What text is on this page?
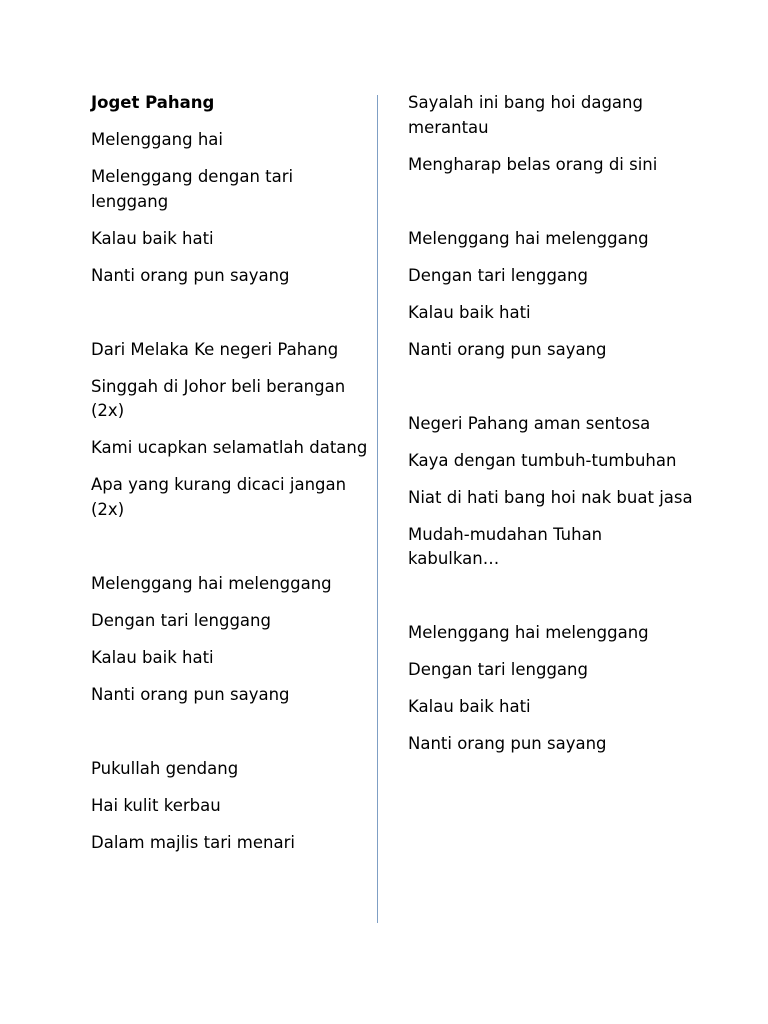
Joget Pahang
Melenggang hai
Melenggang dengan tari lenggang
Kalau baik hati
Nanti orang pun sayang
Dari Melaka Ke negeri Pahang
Singgah di Johor beli berangan (2x)
Kami ucapkan selamatlah datang
Apa yang kurang dicaci jangan (2x)
Melenggang hai melenggang
Dengan tari lenggang
Kalau baik hati
Nanti orang pun sayang
Pukullah gendang
Hai kulit kerbau
Dalam majlis tari menari
Sayalah ini bang hoi dagang merantau
Mengharap belas orang di sini
Melenggang hai melenggang
Dengan tari lenggang
Kalau baik hati
Nanti orang pun sayang
Negeri Pahang aman sentosa
Kaya dengan tumbuh-tumbuhan
Niat di hati bang hoi nak buat jasa
Mudah-mudahan Tuhan kabulkan…
Melenggang hai melenggang
Dengan tari lenggang
Kalau baik hati
Nanti orang pun sayang
